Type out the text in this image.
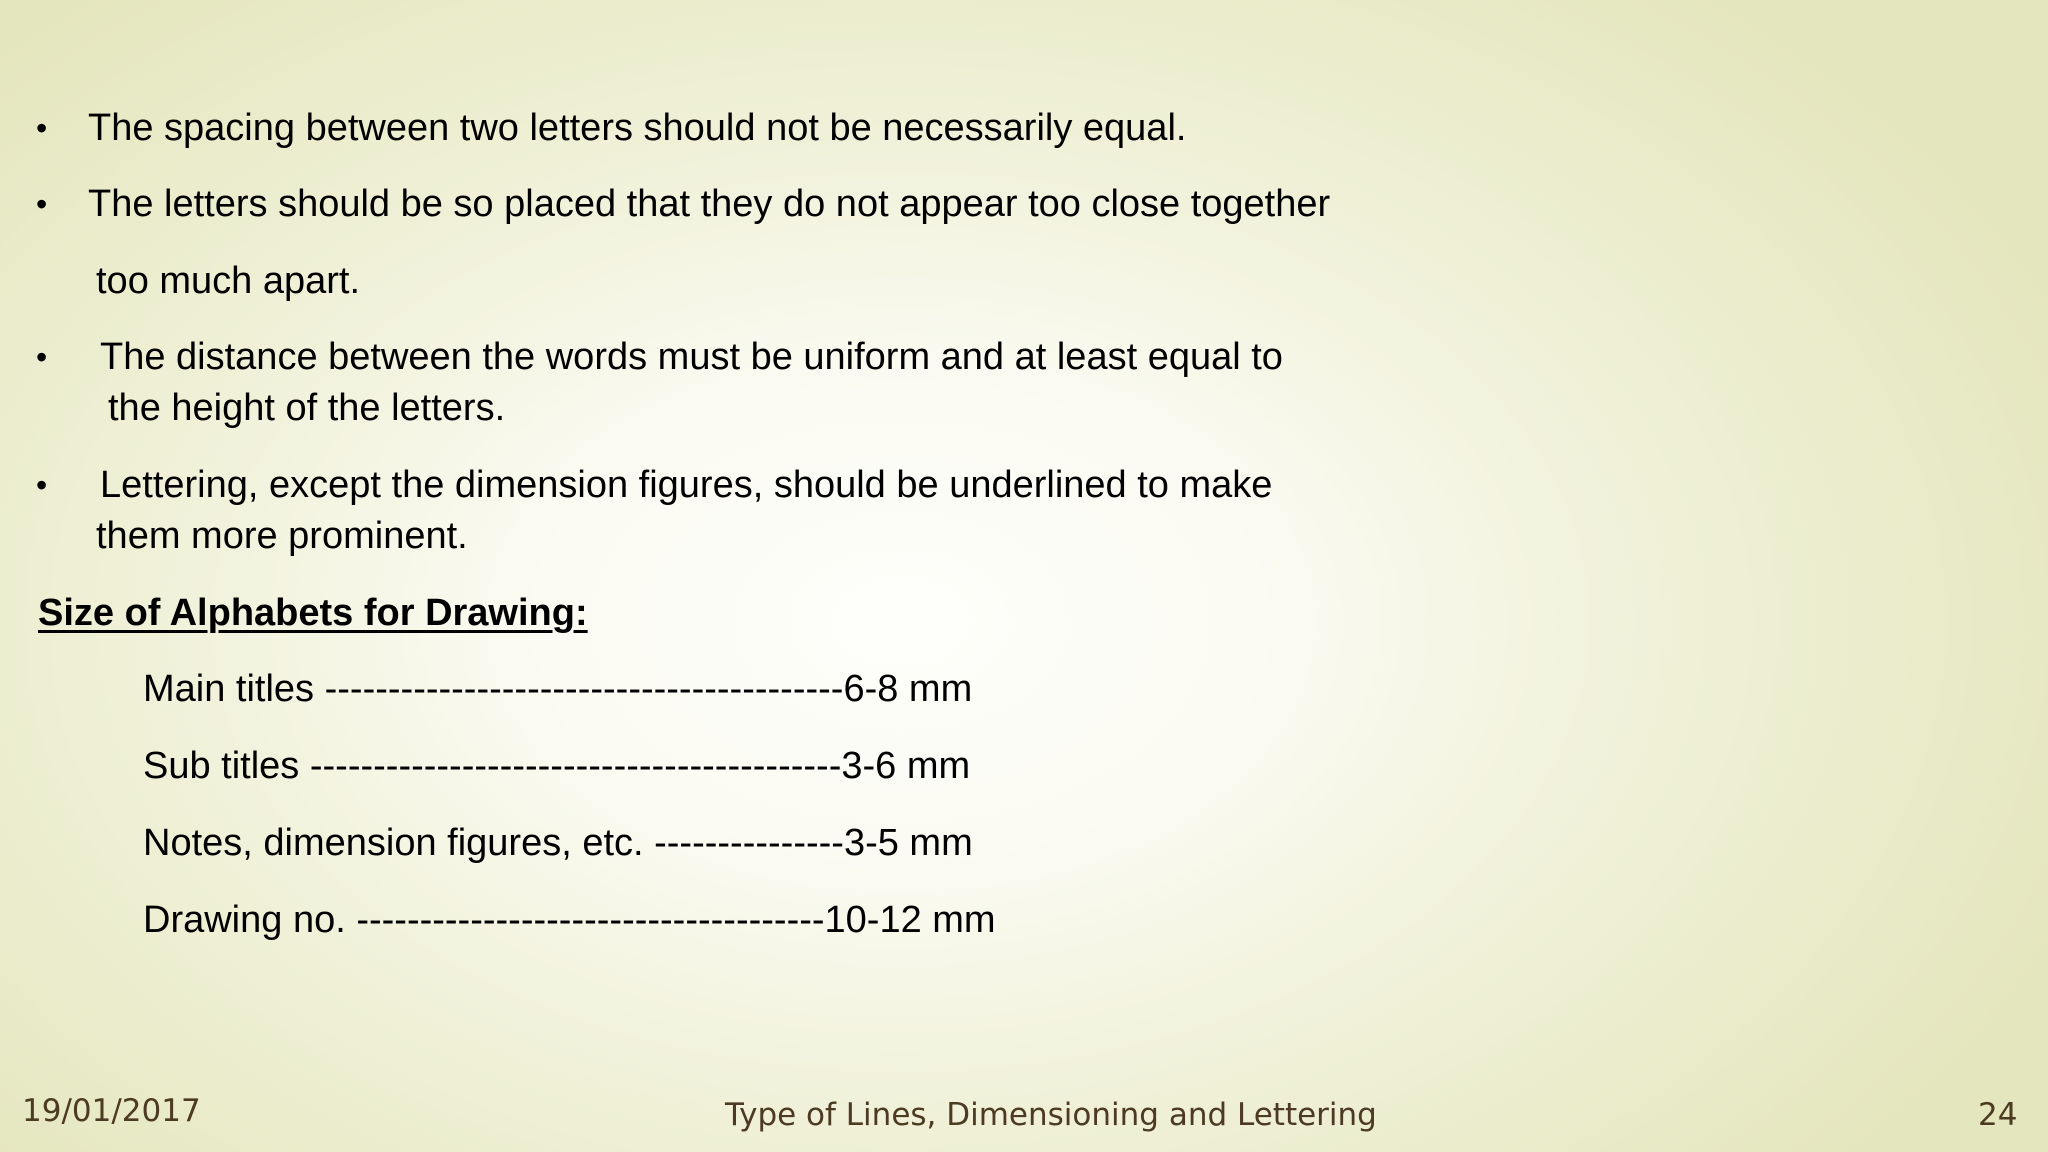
• The spacing between two letters should not be necessarily equal.
• The letters should be so placed that they do not appear too close together
too much apart.
• The distance between the words must be uniform and at least equal to
the height of the letters.
• Lettering, except the dimension figures, should be underlined to make
them more prominent.
Size of Alphabets for Drawing:
Main titles -----------------------------------------6-8 mm
Sub titles ------------------------------------------3-6 mm
Notes, dimension figures, etc. ---------------3-5 mm
Drawing no. -------------------------------------10-12 mm
19/01/2017	Type of Lines, Dimensioning and Lettering	24
